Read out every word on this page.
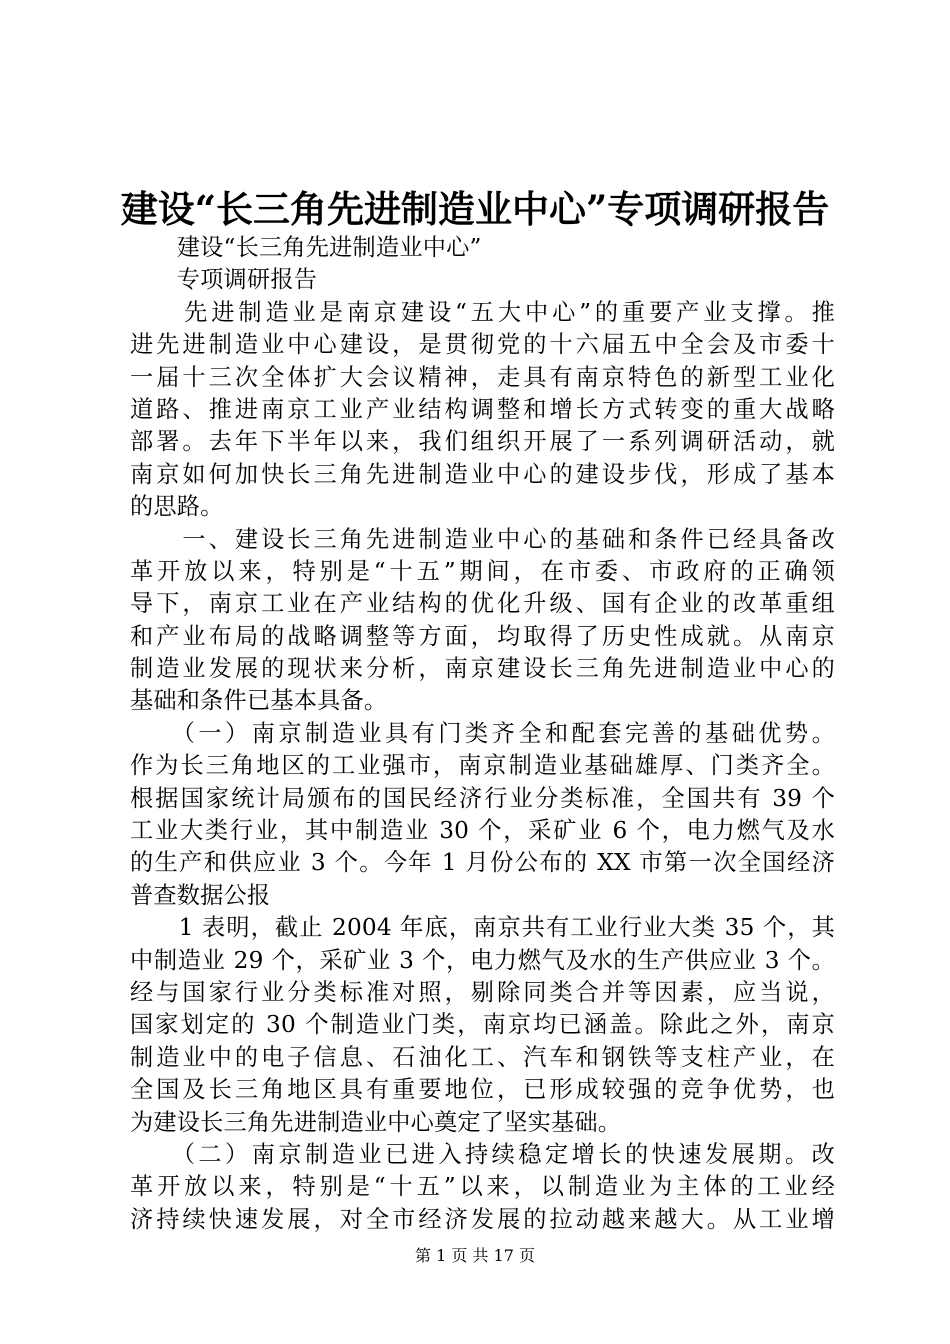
建设“长三角先进制造业中心”专项调研报告
　　建设“长三角先进制造业中心”
　　专项调研报告
　　先进制造业是南京建设“五大中心”的重要产业支撑。推
进先进制造业中心建设，是贯彻党的十六届五中全会及市委十
一届十三次全体扩大会议精神，走具有南京特色的新型工业化
道路、推进南京工业产业结构调整和增长方式转变的重大战略
部署。去年下半年以来，我们组织开展了一系列调研活动，就
南京如何加快长三角先进制造业中心的建设步伐，形成了基本
的思路。
　　一、建设长三角先进制造业中心的基础和条件已经具备改
革开放以来，特别是“十五”期间，在市委、市政府的正确领
导下，南京工业在产业结构的优化升级、国有企业的改革重组
和产业布局的战略调整等方面，均取得了历史性成就。从南京
制造业发展的现状来分析，南京建设长三角先进制造业中心的
基础和条件已基本具备。
　　（一）南京制造业具有门类齐全和配套完善的基础优势。
作为长三角地区的工业强市，南京制造业基础雄厚、门类齐全。
根据国家统计局颁布的国民经济行业分类标准，全国共有 39 个
工业大类行业，其中制造业 30 个，采矿业 6 个，电力燃气及水
的生产和供应业 3 个。今年 1 月份公布的 XX 市第一次全国经济
普查数据公报
　　1 表明，截止 2004 年底，南京共有工业行业大类 35 个，其
中制造业 29 个，采矿业 3 个，电力燃气及水的生产供应业 3 个。
经与国家行业分类标准对照，剔除同类合并等因素，应当说，
国家划定的 30 个制造业门类，南京均已涵盖。除此之外，南京
制造业中的电子信息、石油化工、汽车和钢铁等支柱产业，在
全国及长三角地区具有重要地位，已形成较强的竞争优势，也
为建设长三角先进制造业中心奠定了坚实基础。
　　（二）南京制造业已进入持续稳定增长的快速发展期。改
革开放以来，特别是“十五”以来，以制造业为主体的工业经
济持续快速发展，对全市经济发展的拉动越来越大。从工业增
第 1 页 共 17 页
